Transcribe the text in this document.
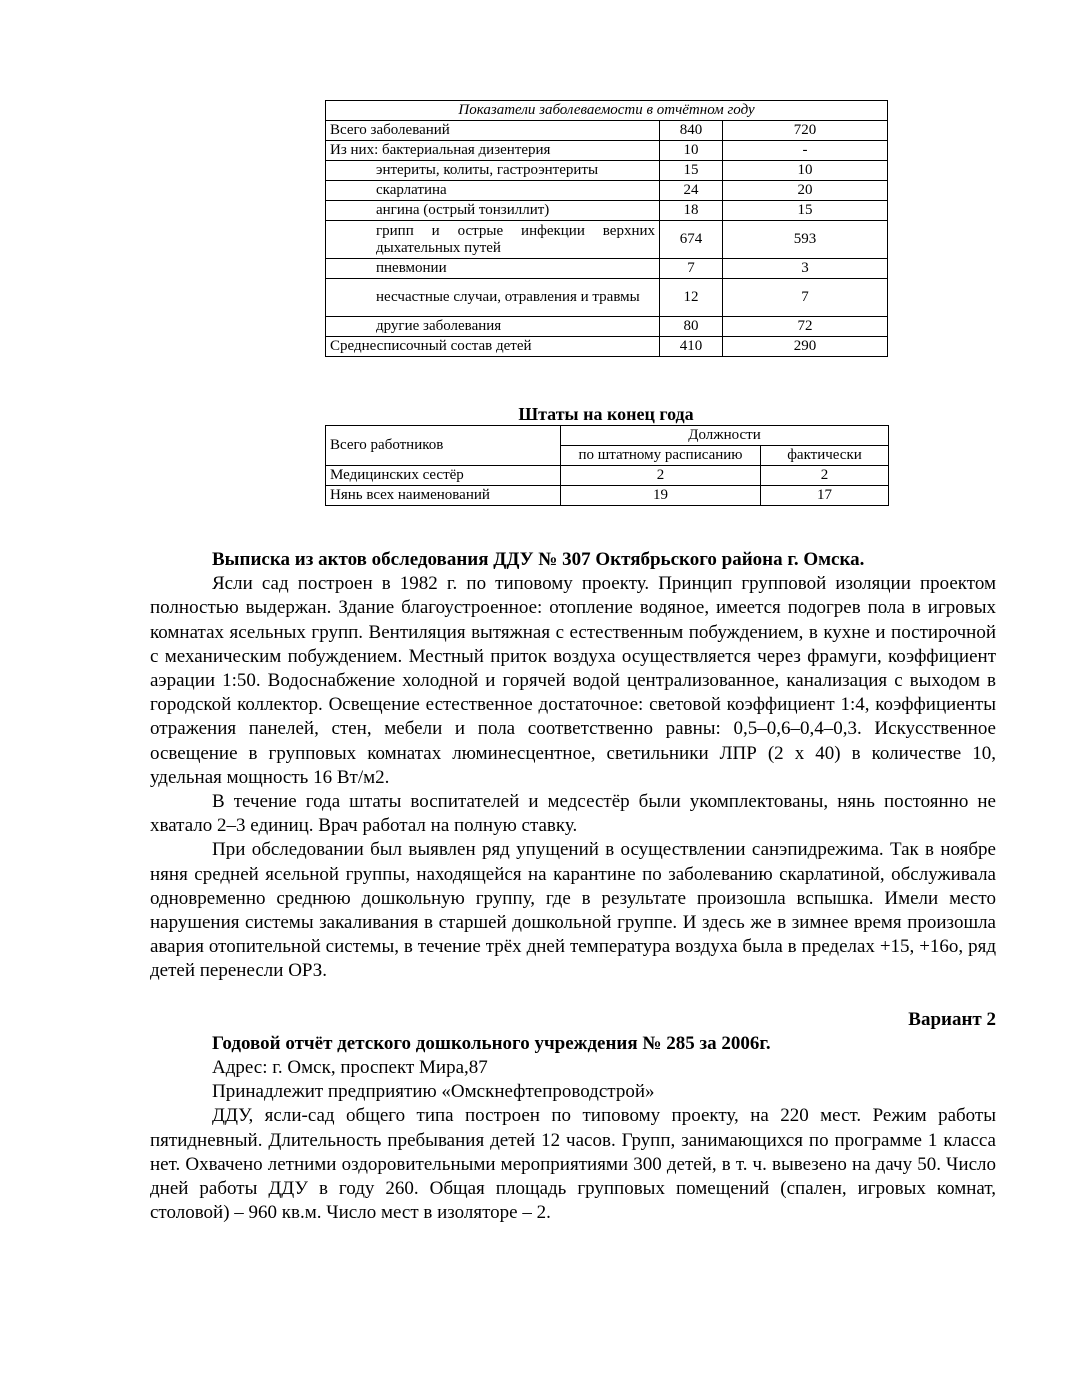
Показатели заболеваемости в отчётном году		
Всего заболеваний	840	720
Из них: бактериальная дизентерия	10	-
энтериты, колиты, гастроэнтериты	15	10
скарлатина	24	20
ангина (острый тонзиллит)	18	15
грипп и острые инфекции верхних дыхательных путей	674	593
пневмонии	7	3
несчастные случаи, отравления и травмы	12	7
другие заболевания	80	72
Среднесписочный состав детей	410	290
Штаты на конец года
Всего работников	Должности	
	по штатному расписанию	фактически
Медицинских сестёр	2	2
Нянь всех наименований	19	17

Выписка из актов обследования ДДУ № 307 Октябрьского района г. Омска.

Ясли сад построен в 1982 г. по типовому проекту. Принцип групповой изоляции проектом полностью выдержан. Здание благоустроенное: отопление водяное, имеется подогрев пола в игровых комнатах ясельных групп. Вентиляция вытяжная с естественным побуждением, в кухне и постирочной с механическим побуждением. Местный приток воздуха осуществляется через фрамуги, коэффициент аэрации 1:50. Водоснабжение холодной и горячей водой централизованное, канализация с выходом в городской коллектор. Освещение естественное достаточное: световой коэффициент 1:4, коэффициенты отражения панелей, стен, мебели и пола соответственно равны: 0,5–0,6–0,4–0,3. Искусственное освещение в групповых комнатах люминесцентное, светильники ЛПР (2 х 40) в количестве 10, удельная мощность 16 Вт/м2.

В течение года штаты воспитателей и медсестёр были укомплектованы, нянь постоянно не хватало 2–3 единиц. Врач работал на полную ставку.

При обследовании был выявлен ряд упущений в осуществлении санэпидрежима. Так в ноябре няня средней ясельной группы, находящейся на карантине по заболеванию скарлатиной, обслуживала одновременно среднюю дошкольную группу, где в результате произошла вспышка. Имели место нарушения системы закаливания в старшей дошкольной группе. И здесь же в зимнее время произошла авария отопительной системы, в течение трёх дней температура воздуха была в пределах +15, +16о, ряд детей перенесли ОРЗ.

Вариант 2

Годовой отчёт детского дошкольного учреждения № 285 за 2006г.

Адрес: г. Омск, проспект Мира,87

Принадлежит предприятию «Омскнефтепроводстрой»

ДДУ, ясли-сад общего типа построен по типовому проекту, на 220 мест. Режим работы пятидневный. Длительность пребывания детей 12 часов. Групп, занимающихся по программе 1 класса нет. Охвачено летними оздоровительными мероприятиями 300 детей, в т. ч. вывезено на дачу 50. Число дней работы ДДУ в году 260. Общая площадь групповых помещений (спален, игровых комнат, столовой) – 960 кв.м. Число мест в изоляторе – 2.
